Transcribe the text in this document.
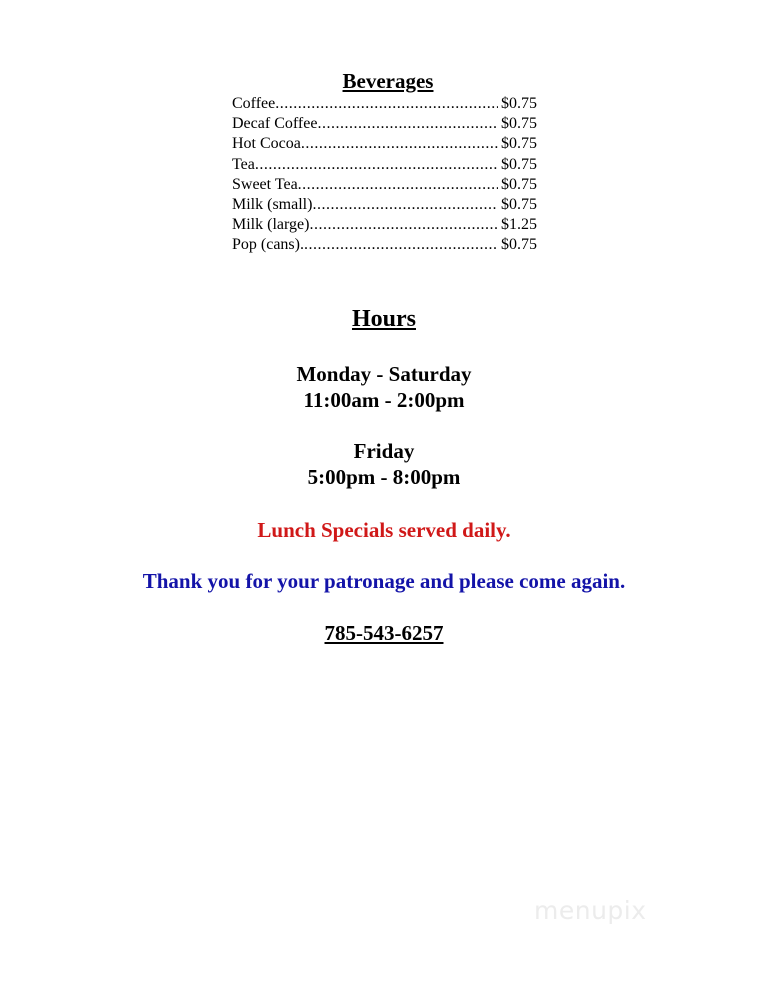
Beverages
Coffee .....	$0.75
Decaf Coffee .....	$0.75
Hot Cocoa .....	$0.75
Tea .....	$0.75
Sweet Tea .....	$0.75
Milk (small) .....	$0.75
Milk (large) .....	$1.25
Pop (cans). .....	$0.75
Hours
Monday - Saturday
11:00am - 2:00pm
Friday
5:00pm - 8:00pm
Lunch Specials served daily.
Thank you for your patronage and please come again.
785-543-6257
menupix
